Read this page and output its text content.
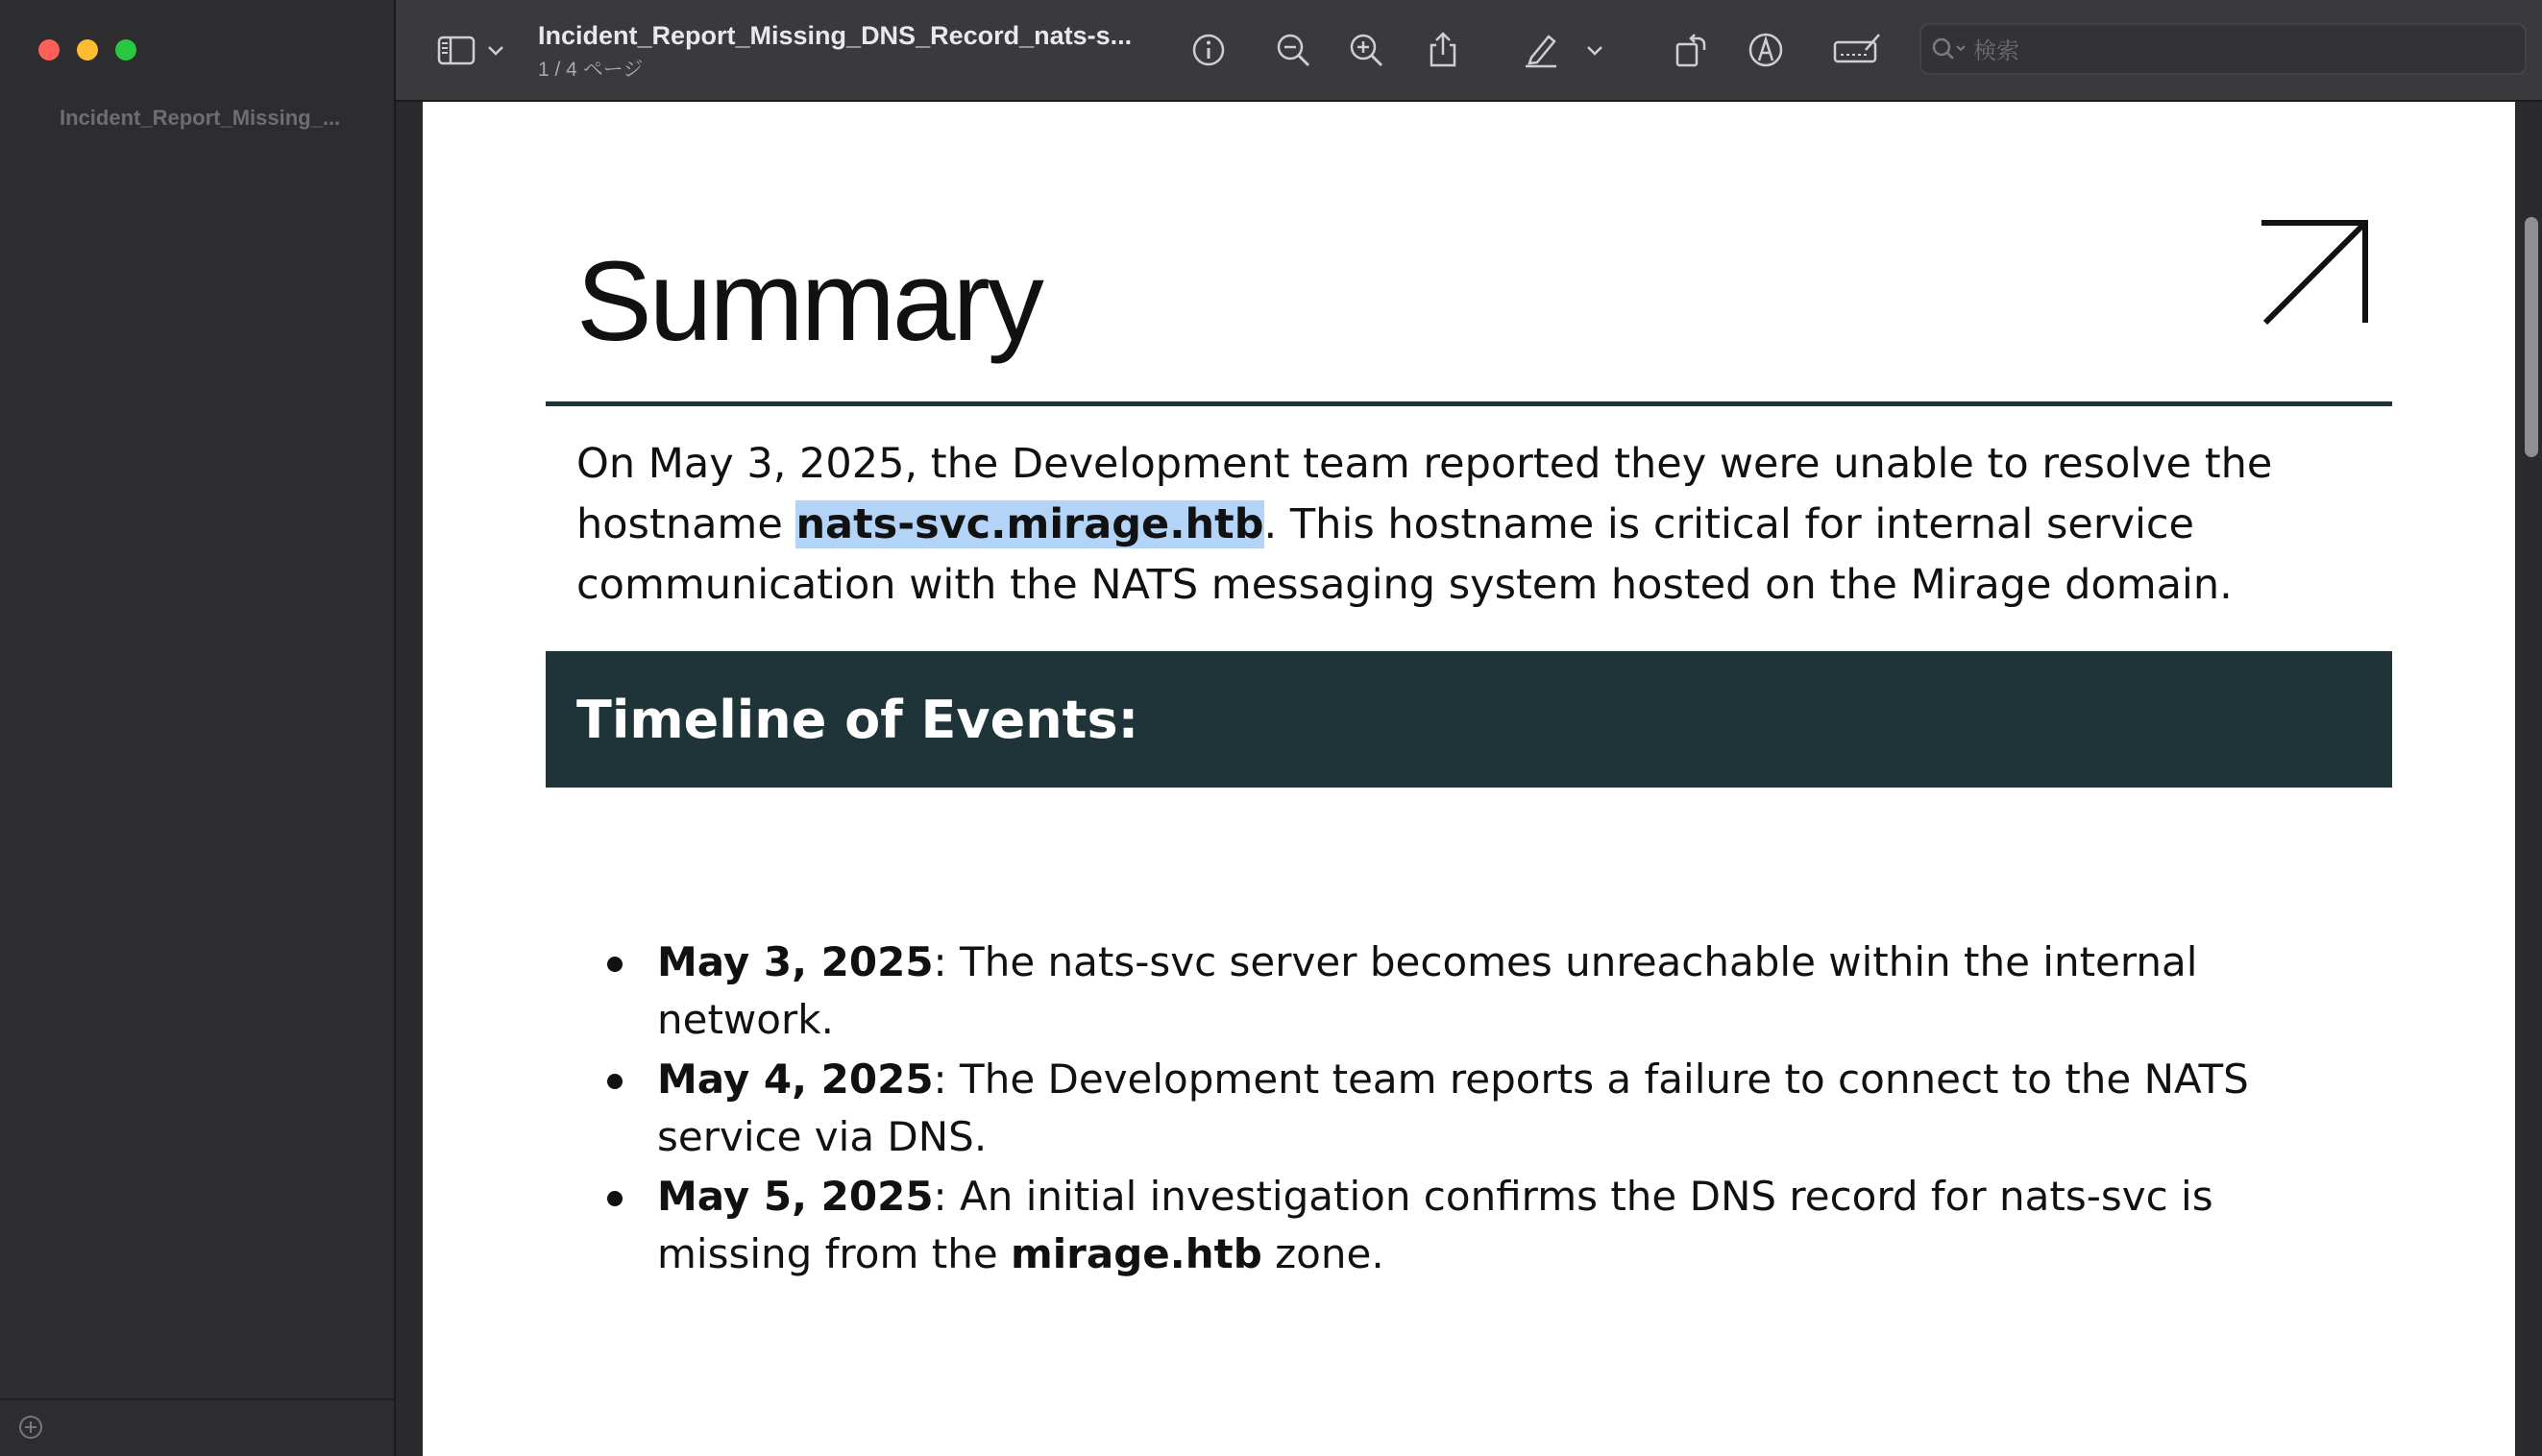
Incident_Report_Missing_...
Incident_Report_Missing_DNS_Record_nats-s...
1 / 4 ページ
検索
Summary

On May 3, 2025, the Development team reported they were unable to resolve the hostname nats-svc.mirage.htb. This hostname is critical for internal service communication with the NATS messaging system hosted on the Mirage domain.

Timeline of Events:
May 3, 2025: The nats-svc server becomes unreachable within the internal network.
May 4, 2025: The Development team reports a failure to connect to the NATS service via DNS.
May 5, 2025: An initial investigation confirms the DNS record for nats-svc is missing from the mirage.htb zone.
